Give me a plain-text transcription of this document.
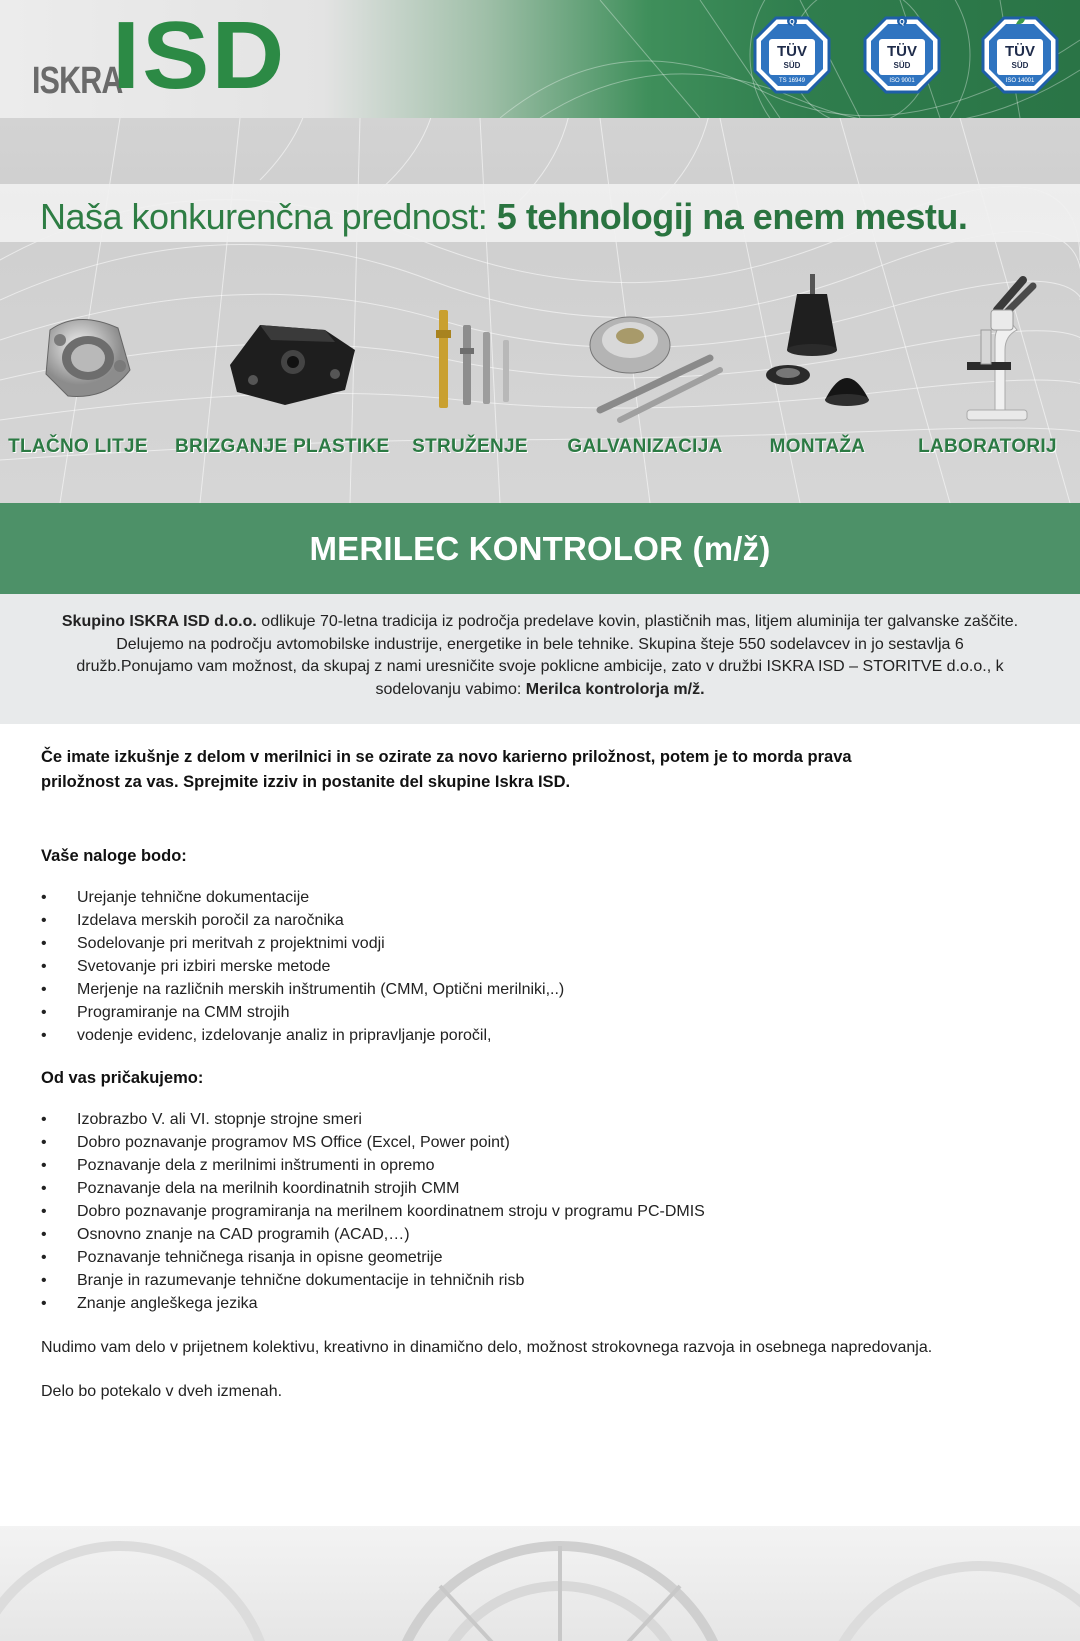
ISKRA
ISD	Q
TÜV
SÜD
TS 16949
Q
TÜV
SÜD
ISO 9001
TÜV
SÜD
ISO 14001
Naša konkurenčna prednost: 5 tehnologij na enem mestu.
TLAČNO LITJE BRIZGANJE PLASTIKE	STRUŽENJE	GALVANIZACIJA	MONTAŽA	LABORATORIJ
MERILEC KONTROLOR (m/ž)

Skupino ISKRA ISD d.o.o. odlikuje 70-letna tradicija iz področja predelave kovin, plastičnih mas, litjem aluminija ter galvanske zaščite. Delujemo na področju avtomobilske industrije, energetike in bele tehnike. Skupina šteje 550 sodelavcev in jo sestavlja 6 družb.Ponujamo vam možnost, da skupaj z nami uresničite svoje poklicne ambicije, zato v družbi ISKRA ISD – STORITVE d.o.o., k sodelovanju vabimo: Merilca kontrolorja m/ž.

Če imate izkušnje z delom v merilnici in se ozirate za novo karierno priložnost, potem je to morda prava priložnost za vas. Sprejmite izziv in postanite del skupine Iskra ISD.

Vaše naloge bodo:

• Urejanje tehnične dokumentacije
• Izdelava merskih poročil za naročnika
• Sodelovanje pri meritvah z projektnimi vodji
• Svetovanje pri izbiri merske metode
• Merjenje na različnih merskih inštrumentih (CMM, Optični merilniki,..)
• Programiranje na CMM strojih
• vodenje evidenc, izdelovanje analiz in pripravljanje poročil,

Od vas pričakujemo:

• Izobrazbo V. ali VI. stopnje strojne smeri
• Dobro poznavanje programov MS Office (Excel, Power point)
• Poznavanje dela z merilnimi inštrumenti in opremo
• Poznavanje dela na merilnih koordinatnih strojih CMM
• Dobro poznavanje programiranja na merilnem koordinatnem stroju v programu PC-DMIS
• Osnovno znanje na CAD programih (ACAD,…)
• Poznavanje tehničnega risanja in opisne geometrije
• Branje in razumevanje tehnične dokumentacije in tehničnih risb
• Znanje angleškega jezika

Nudimo vam delo v prijetnem kolektivu, kreativno in dinamično delo, možnost strokovnega razvoja in osebnega napredovanja.

Delo bo potekalo v dveh izmenah.
